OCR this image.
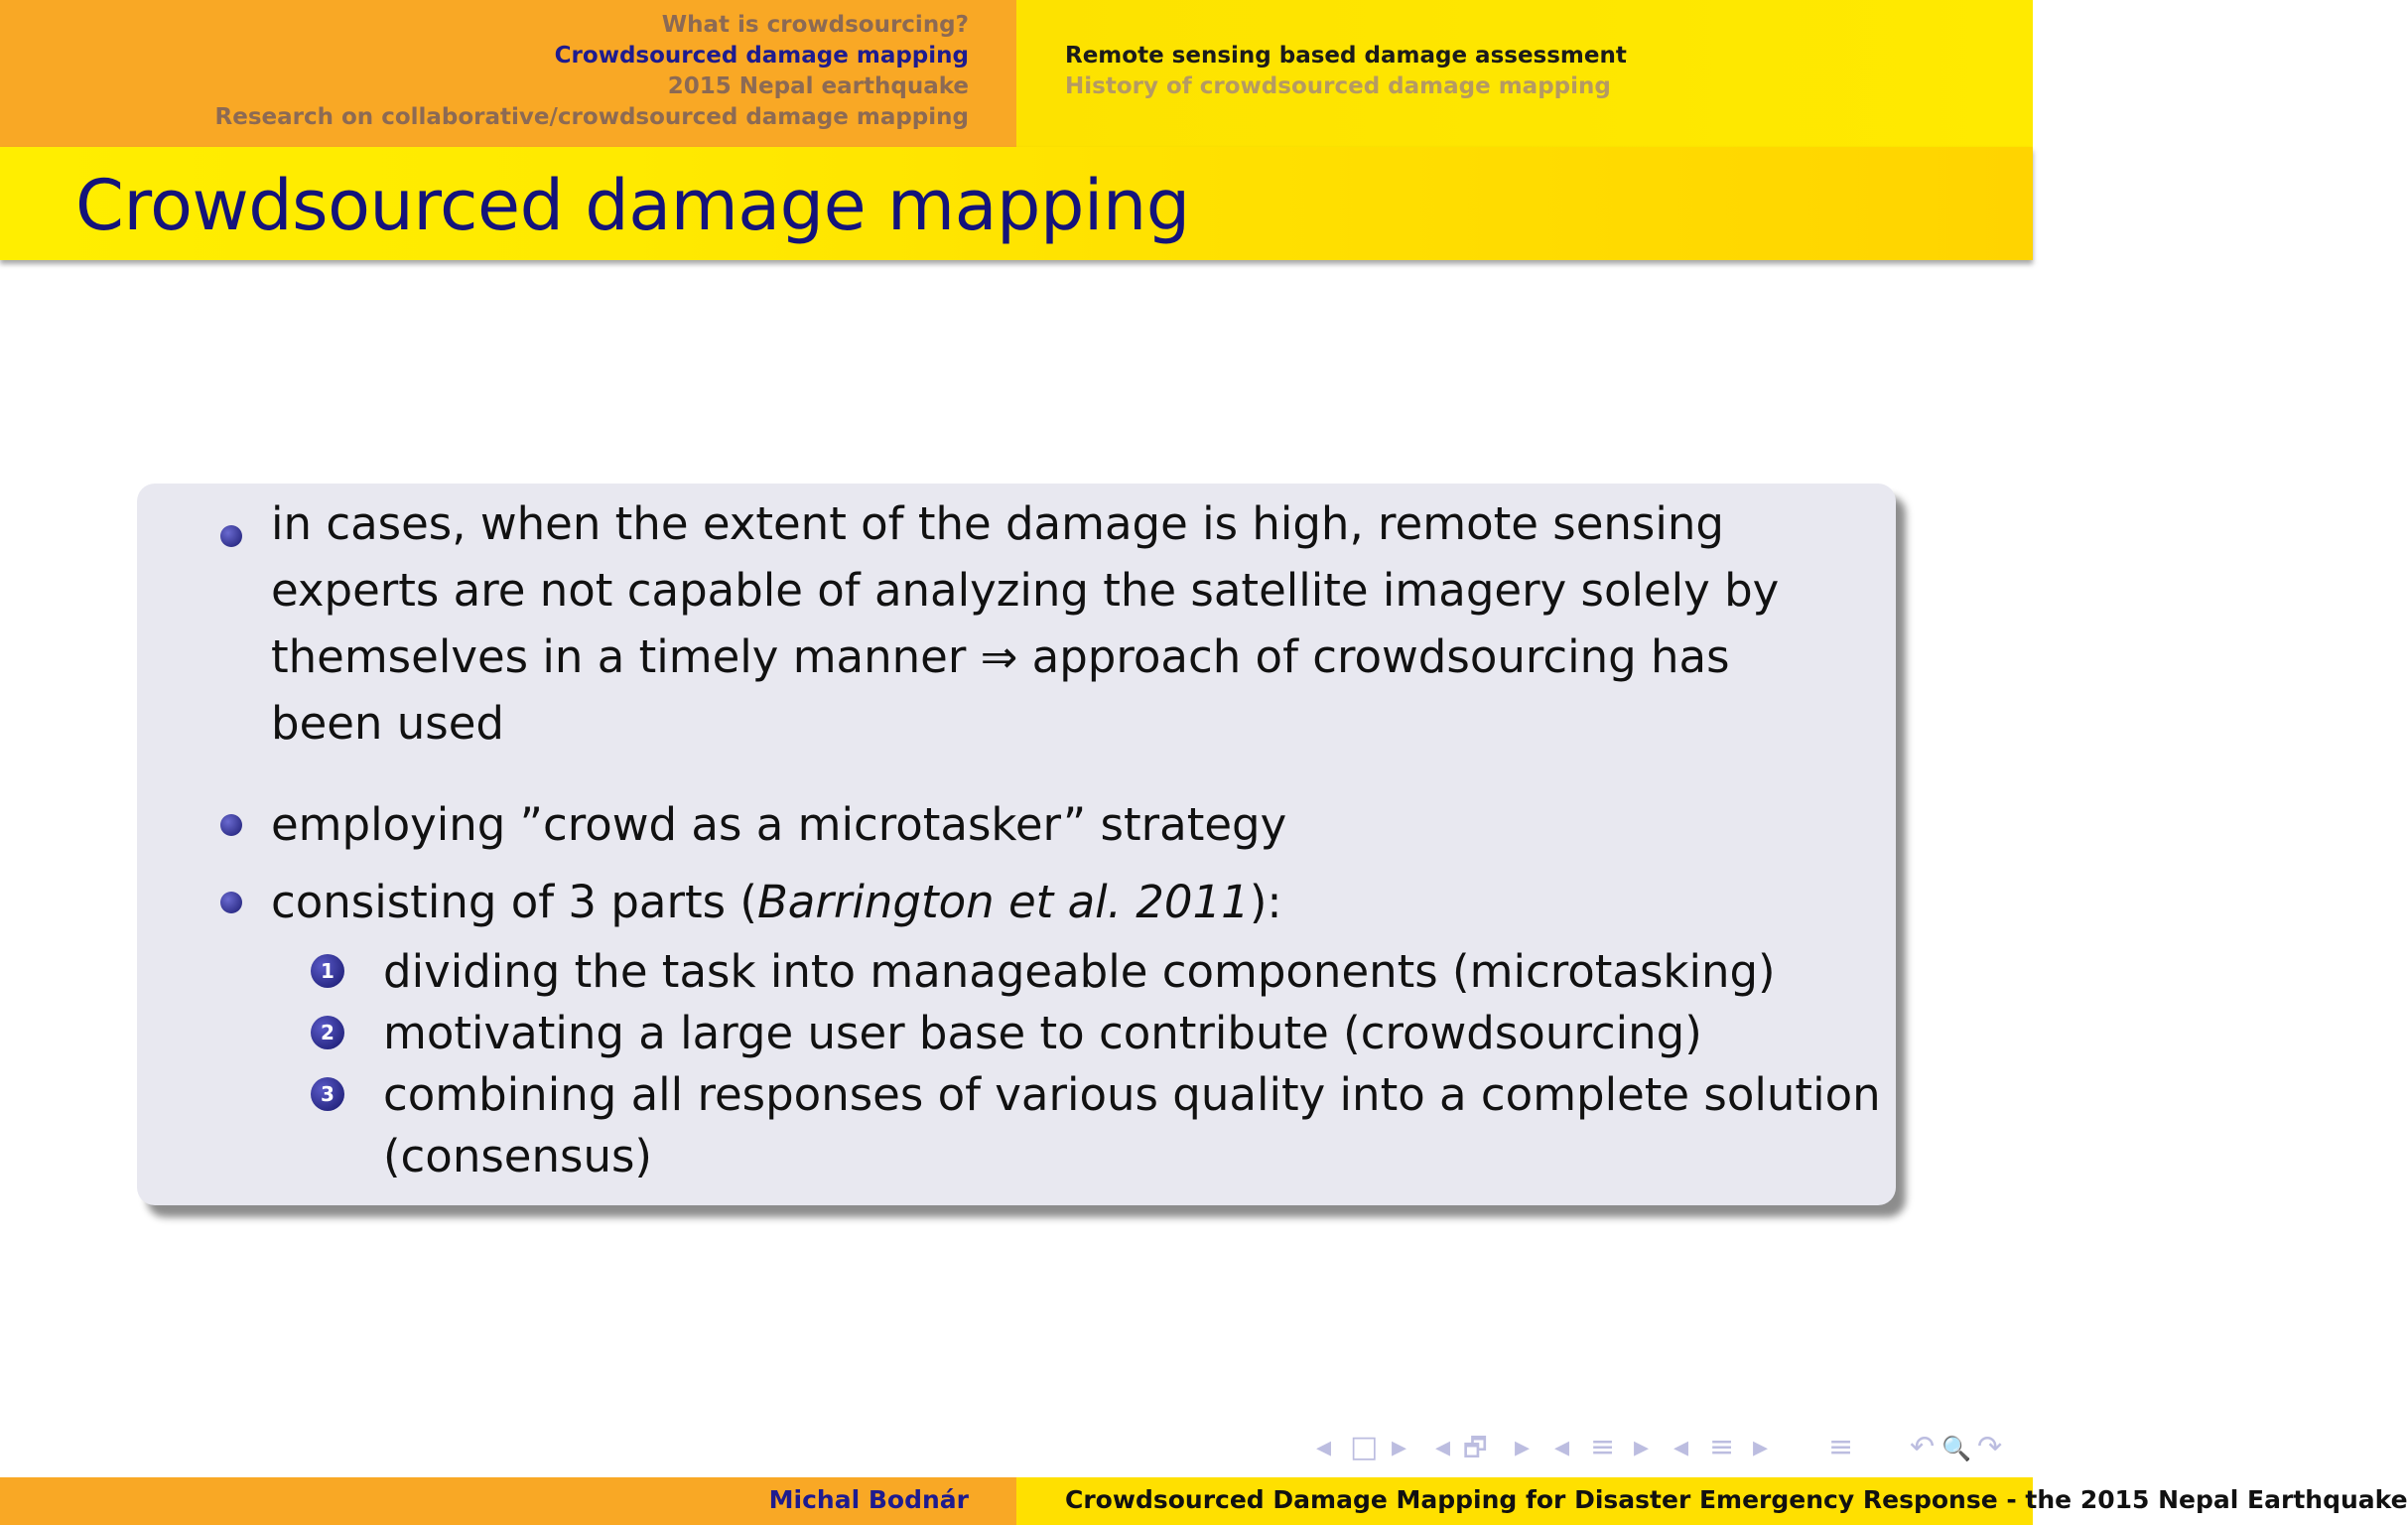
What is crowdsourcing?
Crowdsourced damage mapping
2015 Nepal earthquake
Research on collaborative/crowdsourced damage mapping
Remote sensing based damage assessment
History of crowdsourced damage mapping
Crowdsourced damage mapping
in cases, when the extent of the damage is high, remote sensing
experts are not capable of analyzing the satellite imagery solely by
themselves in a timely manner ⇒ approach of crowdsourcing has
been used
employing ”crowd as a microtasker” strategy
consisting of 3 parts (Barrington et al. 2011):
1 dividing the task into manageable components (microtasking)
2 motivating a large user base to contribute (crowdsourcing)
3 combining all responses of various quality into a complete solution
(consensus)
◂ □ ▸ ◂ 🗗 ▸ ◂ ≡ ▸ ◂ ≡ ▸ ≡ ↶ 🔍 ↷
Michal Bodnár	Crowdsourced Damage Mapping for Disaster Emergency Response - the 2015 Nepal Earthquake
